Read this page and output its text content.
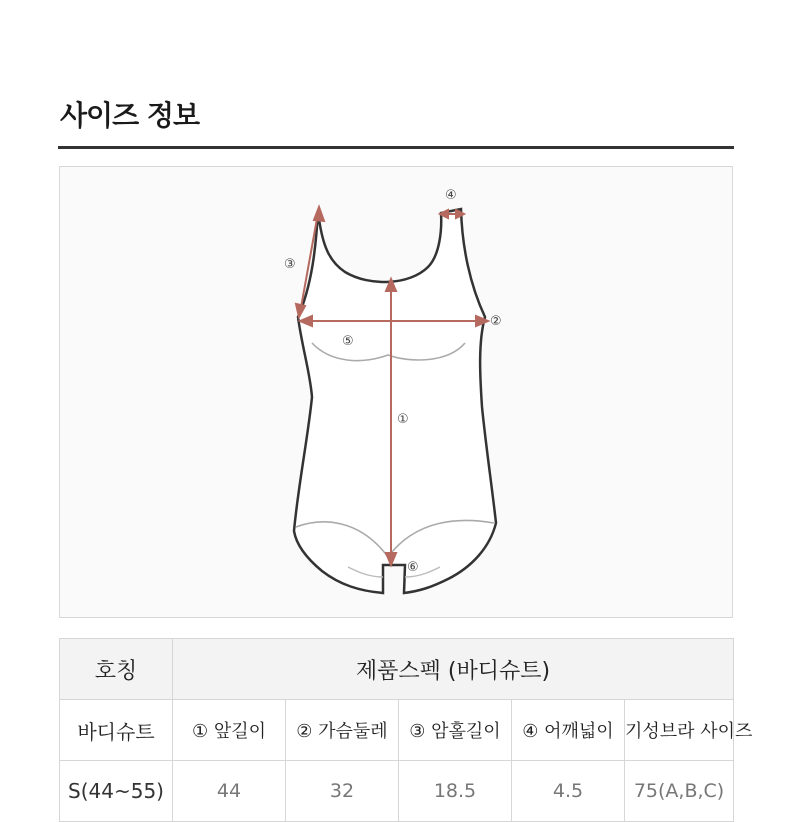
사이즈 정보
①
②
③
④
⑤
⑥
호칭	제품스펙 (바디슈트)				
바디슈트	① 앞길이	② 가슴둘레	③ 암홀길이	④ 어깨넓이	기성브라 사이즈
S(44~55)	44	32	18.5	4.5	75(A,B,C)
